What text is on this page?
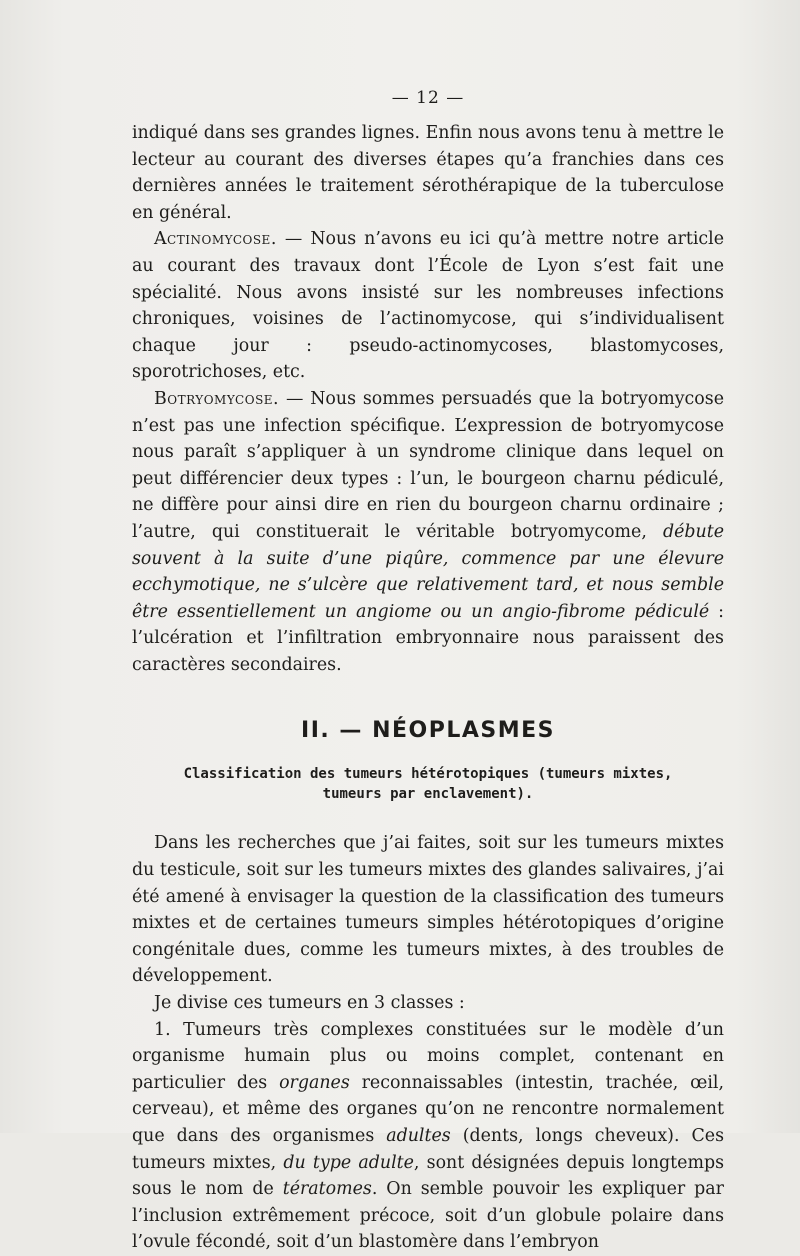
— 12 —

indiqué dans ses grandes lignes. Enfin nous avons tenu à mettre le lecteur au courant des diverses étapes qu’a franchies dans ces dernières années le traitement sérothérapique de la tuberculose en général.

Actinomycose. — Nous n’avons eu ici qu’à mettre notre article au courant des travaux dont l’École de Lyon s’est fait une spécialité. Nous avons insisté sur les nombreuses infections chroniques, voisines de l’actinomycose, qui s’individualisent chaque jour : pseudo-actinomycoses, blastomycoses, sporotrichoses, etc.

Botryomycose. — Nous sommes persuadés que la botryomycose n’est pas une infection spécifique. L’expression de botryomycose nous paraît s’appliquer à un syndrome clinique dans lequel on peut différencier deux types : l’un, le bourgeon charnu pédiculé, ne diffère pour ainsi dire en rien du bourgeon charnu ordinaire ; l’autre, qui constituerait le véritable botryomycome, débute souvent à la suite d’une piqûre, commence par une élevure ecchymotique, ne s’ulcère que relativement tard, et nous semble être essentiellement un angiome ou un angio-fibrome pédiculé : l’ulcération et l’infiltration embryonnaire nous paraissent des caractères secondaires.

II. — NÉOPLASMES
Classification des tumeurs hétérotopiques (tumeurs mixtes, tumeurs par enclavement).

Dans les recherches que j’ai faites, soit sur les tumeurs mixtes du testicule, soit sur les tumeurs mixtes des glandes salivaires, j’ai été amené à envisager la question de la classification des tumeurs mixtes et de certaines tumeurs simples hétérotopiques d’origine congénitale dues, comme les tumeurs mixtes, à des troubles de développement.

Je divise ces tumeurs en 3 classes :

1. Tumeurs très complexes constituées sur le modèle d’un organisme humain plus ou moins complet, contenant en particulier des organes reconnaissables (intestin, trachée, œil, cerveau), et même des organes qu’on ne rencontre normalement que dans des organismes adultes (dents, longs cheveux). Ces tumeurs mixtes, du type adulte, sont désignées depuis longtemps sous le nom de tératomes. On semble pouvoir les expliquer par l’inclusion extrêmement précoce, soit d’un globule polaire dans l’ovule fécondé, soit d’un blastomère dans l’embryon
